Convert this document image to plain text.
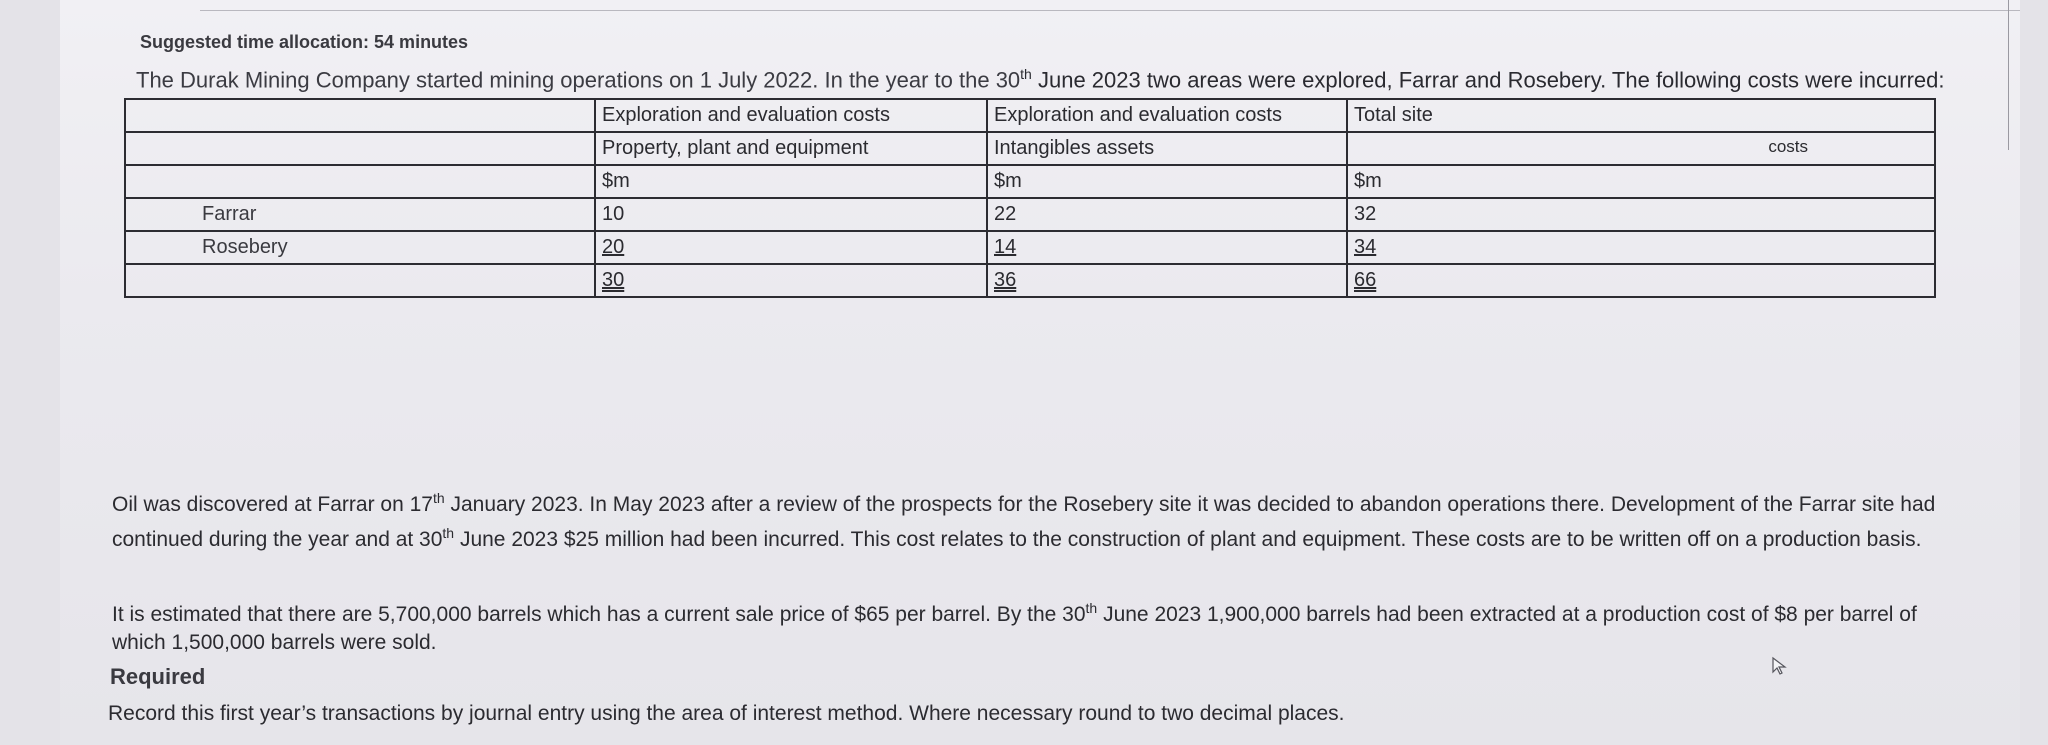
Suggested time allocation: 54 minutes
The Durak Mining Company started mining operations on 1 July 2022. In the year to the 30th June 2023 two areas were explored, Farrar and Rosebery. The following costs were incurred:
	Exploration and evaluation costs	Exploration and evaluation costs	Total site
	Property, plant and equipment	Intangibles assets	costs

	$m	$m	$m
Farrar	10	22	32
Rosebery	20	14	34
	30	36	66
Oil was discovered at Farrar on 17th January 2023. In May 2023 after a review of the prospects for the Rosebery site it was decided to abandon operations there. Development of the Farrar site had continued during the year and at 30th June 2023 $25 million had been incurred. This cost relates to the construction of plant and equipment. These costs are to be written off on a production basis.
It is estimated that there are 5,700,000 barrels which has a current sale price of $65 per barrel. By the 30th June 2023 1,900,000 barrels had been extracted at a production cost of $8 per barrel of which 1,500,000 barrels were sold.
Required
Record this first year’s transactions by journal entry using the area of interest method. Where necessary round to two decimal places.
